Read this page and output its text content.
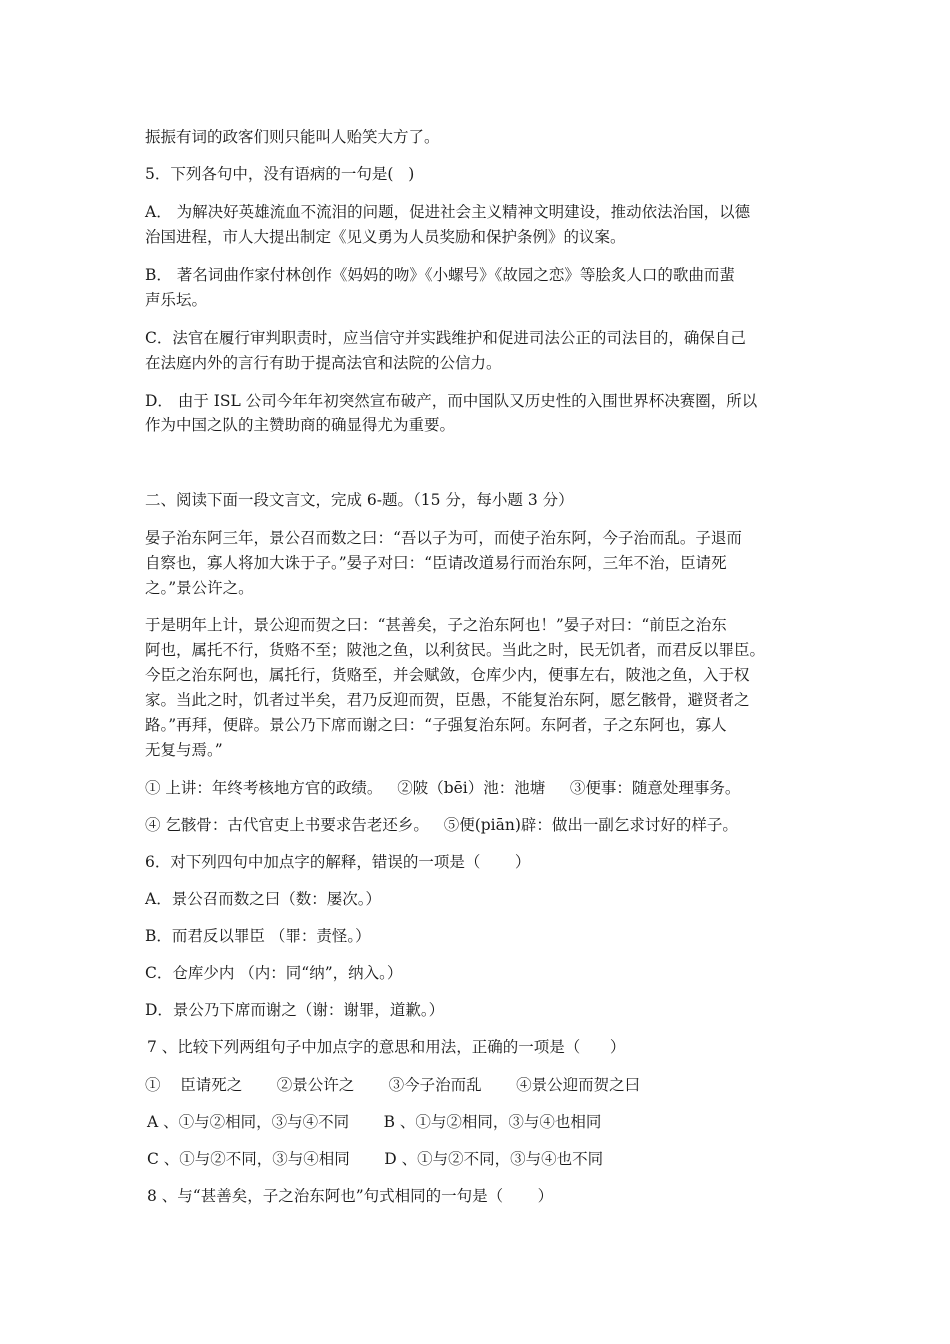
振振有词的政客们则只能叫人贻笑大方了。
5．下列各句中，没有语病的一句是(   )
A． 为解决好英雄流血不流泪的问题，促进社会主义精神文明建设，推动依法治国，以德
治国进程，市人大提出制定《见义勇为人员奖励和保护条例》的议案。
B． 著名词曲作家付林创作《妈妈的吻》《小螺号》《故园之恋》等脍炙人口的歌曲而蜚
声乐坛。
C．法官在履行审判职责时，应当信守并实践维护和促进司法公正的司法目的，确保自己
在法庭内外的言行有助于提高法官和法院的公信力。
D． 由于 ISL 公司今年年初突然宣布破产，而中国队又历史性的入围世界杯决赛圈，所以
作为中国之队的主赞助商的确显得尤为重要。
二、阅读下面一段文言文，完成 6-题。（15 分，每小题 3 分）
晏子治东阿三年，景公召而数之曰：“吾以子为可，而使子治东阿，今子治而乱。子退而
自察也，寡人将加大诛于子。”晏子对曰：“臣请改道易行而治东阿，三年不治，臣请死
之。”景公许之。
于是明年上计，景公迎而贺之曰：“甚善矣，子之治东阿也！”晏子对曰：“前臣之治东
阿也，属托不行，货赂不至；陂池之鱼，以利贫民。当此之时，民无饥者，而君反以罪臣。
今臣之治东阿也，属托行，货赂至，并会赋敛，仓库少内，便事左右，陂池之鱼，入于权
家。当此之时，饥者过半矣，君乃反迎而贺，臣愚，不能复治东阿，愿乞骸骨，避贤者之
路。”再拜，便辟。景公乃下席而谢之曰：“子强复治东阿。东阿者，子之东阿也，寡人
无复与焉。”
① 上讲：年终考核地方官的政绩。   ②陂（bēi）池：池塘     ③便事：随意处理事务。
④ 乞骸骨：古代官吏上书要求告老还乡。   ⑤便(piān)辟：做出一副乞求讨好的样子。
6．对下列四句中加点字的解释，错误的一项是（       ）
A．景公召而数之曰（数：屡次。）
B．而君反以罪臣 （罪：责怪。）
C．仓库少内 （内：同“纳”，纳入。）
D．景公乃下席而谢之（谢：谢罪，道歉。）
7 、比较下列两组句子中加点字的意思和用法，正确的一项是（      ）
①    臣请死之       ②景公许之       ③今子治而乱       ④景公迎而贺之曰
A 、①与②相同，③与④不同       B 、①与②相同，③与④也相同
C 、①与②不同，③与④相同       D 、①与②不同，③与④也不同
8 、与“甚善矣，子之治东阿也”句式相同的一句是（       ）
